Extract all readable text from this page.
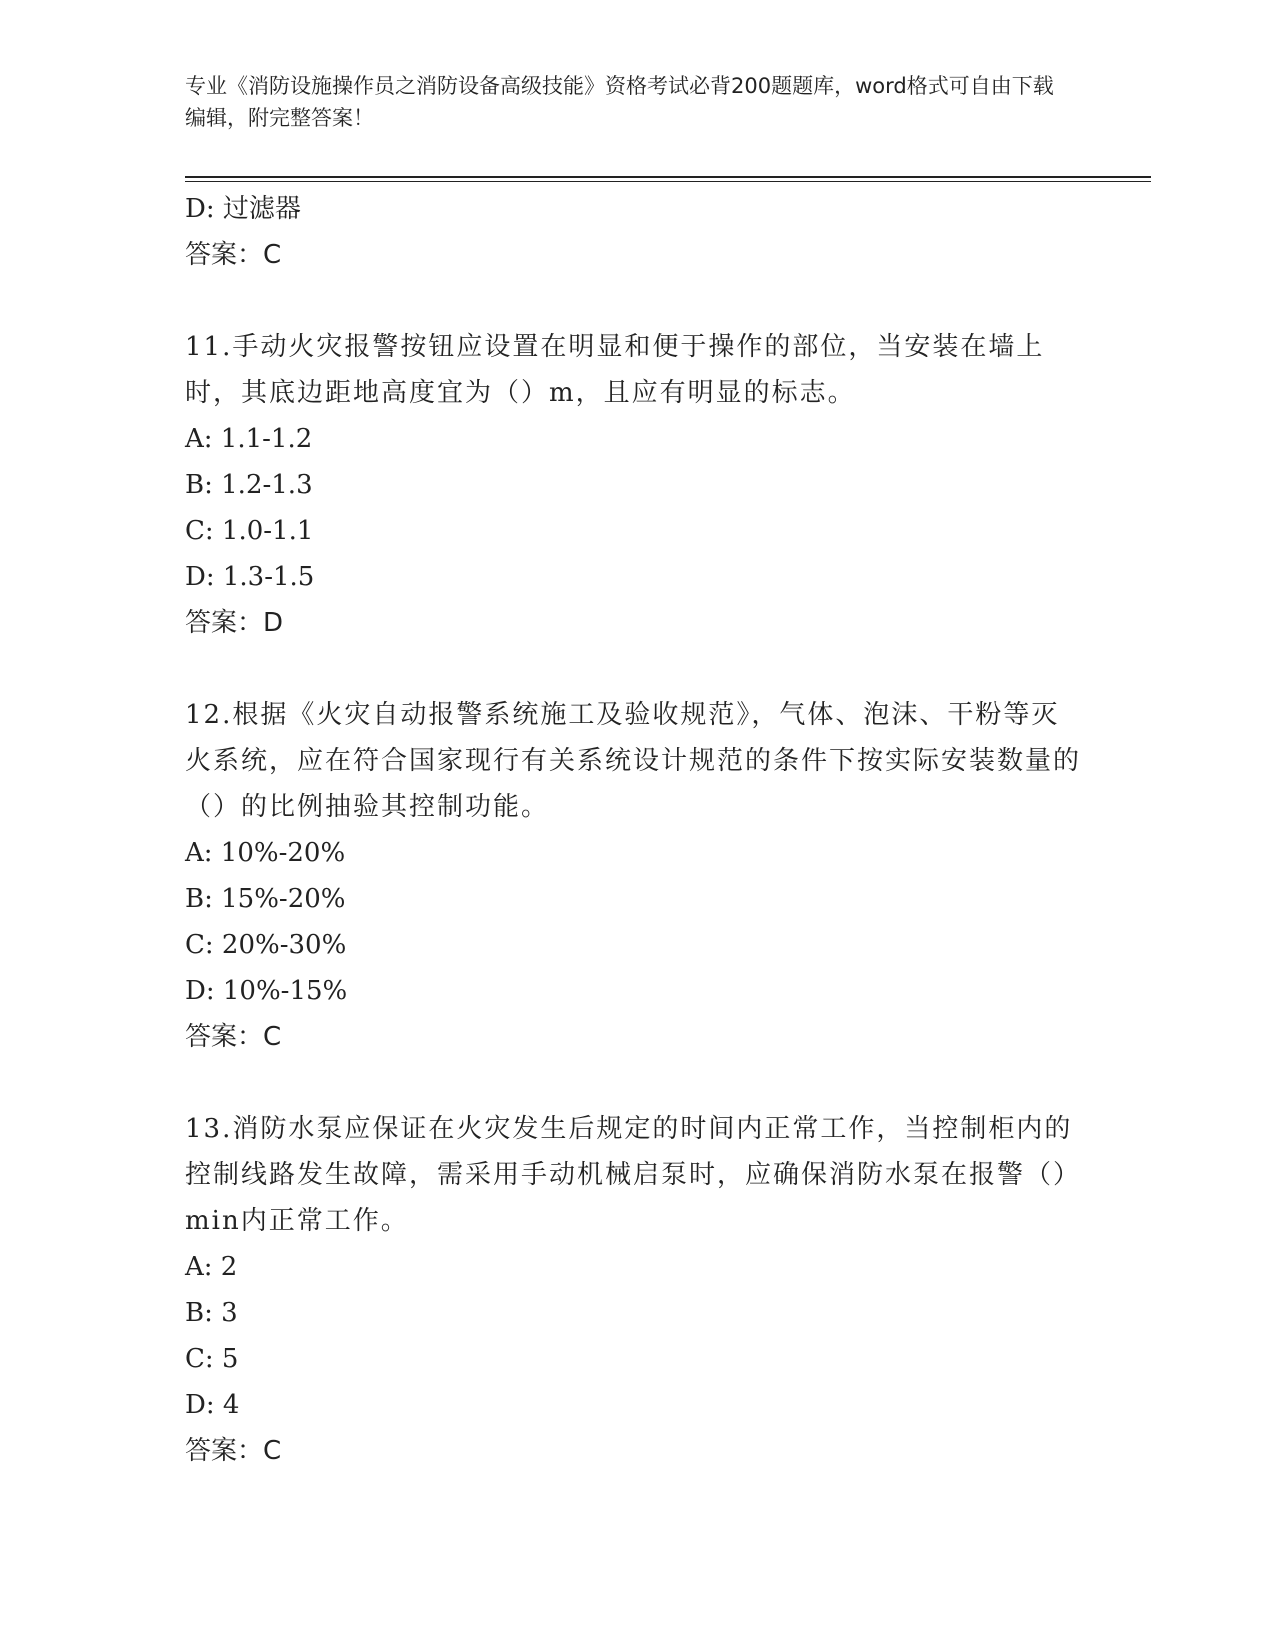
专业《消防设施操作员之消防设备高级技能》资格考试必背200题题库，word格式可自由下载编辑，附完整答案！
D: 过滤器
答案：C
11.手动火灾报警按钮应设置在明显和便于操作的部位，当安装在墙上时，其底边距地高度宜为（）m，且应有明显的标志。
A: 1.1-1.2
B: 1.2-1.3
C: 1.0-1.1
D: 1.3-1.5
答案：D
12.根据《火灾自动报警系统施工及验收规范》，气体、泡沫、干粉等灭火系统，应在符合国家现行有关系统设计规范的条件下按实际安装数量的（）的比例抽验其控制功能。
A: 10%-20%
B: 15%-20%
C: 20%-30%
D: 10%-15%
答案：C
13.消防水泵应保证在火灾发生后规定的时间内正常工作，当控制柜内的控制线路发生故障，需采用手动机械启泵时，应确保消防水泵在报警（）min内正常工作。
A: 2
B: 3
C: 5
D: 4
答案：C
